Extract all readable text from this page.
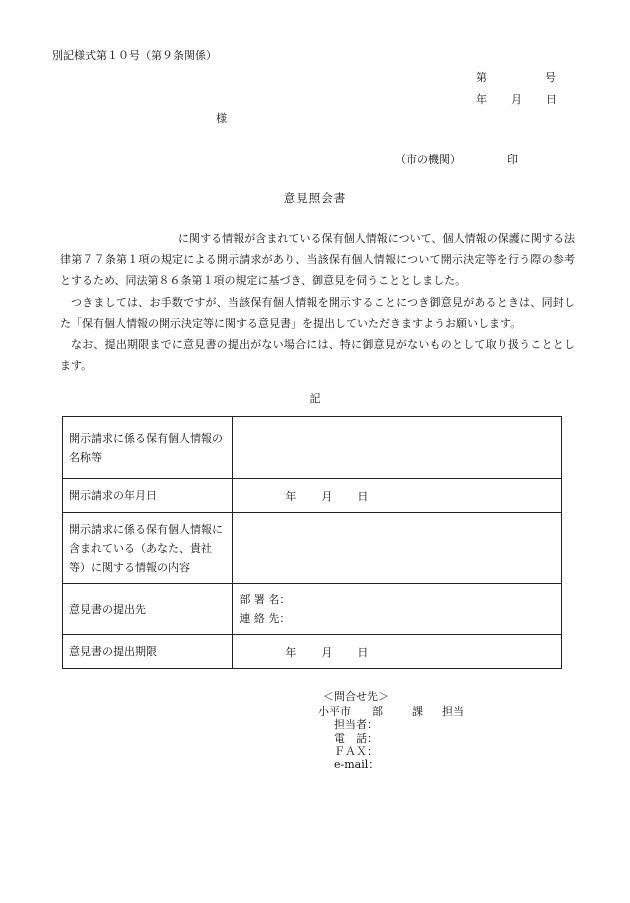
別記様式第１０号（第９条関係）
第	号
年 月 日
様
（市の機関）	印
意見照会書

に関する情報が含まれている保有個人情報について、個人情報の保護に関する法律第７７条第１項の規定による開示請求があり、当該保有個人情報について開示決定等を行う際の参考とするため、同法第８６条第１項の規定に基づき、御意見を伺うこととしました。

つきましては、お手数ですが、当該保有個人情報を開示することにつき御意見があるときは、同封した「保有個人情報の開示決定等に関する意見書」を提出していただきますようお願いします。

なお、提出期限までに意見書の提出がない場合には、特に御意見がないものとして取り扱うこととします。

記
開示請求に係る保有個人情報の名称等	
開示請求の年月日	年 月 日
開示請求に係る保有個人情報に含まれている（あなた、貴社等）に関する情報の内容	
意見書の提出先	部 署 名：
連 絡 先：

意見書の提出期限	年 月 日
＜問合せ先＞
小平市 部	課 担当
担当者：
電　話：
ＦＡＸ：
e-mail：
